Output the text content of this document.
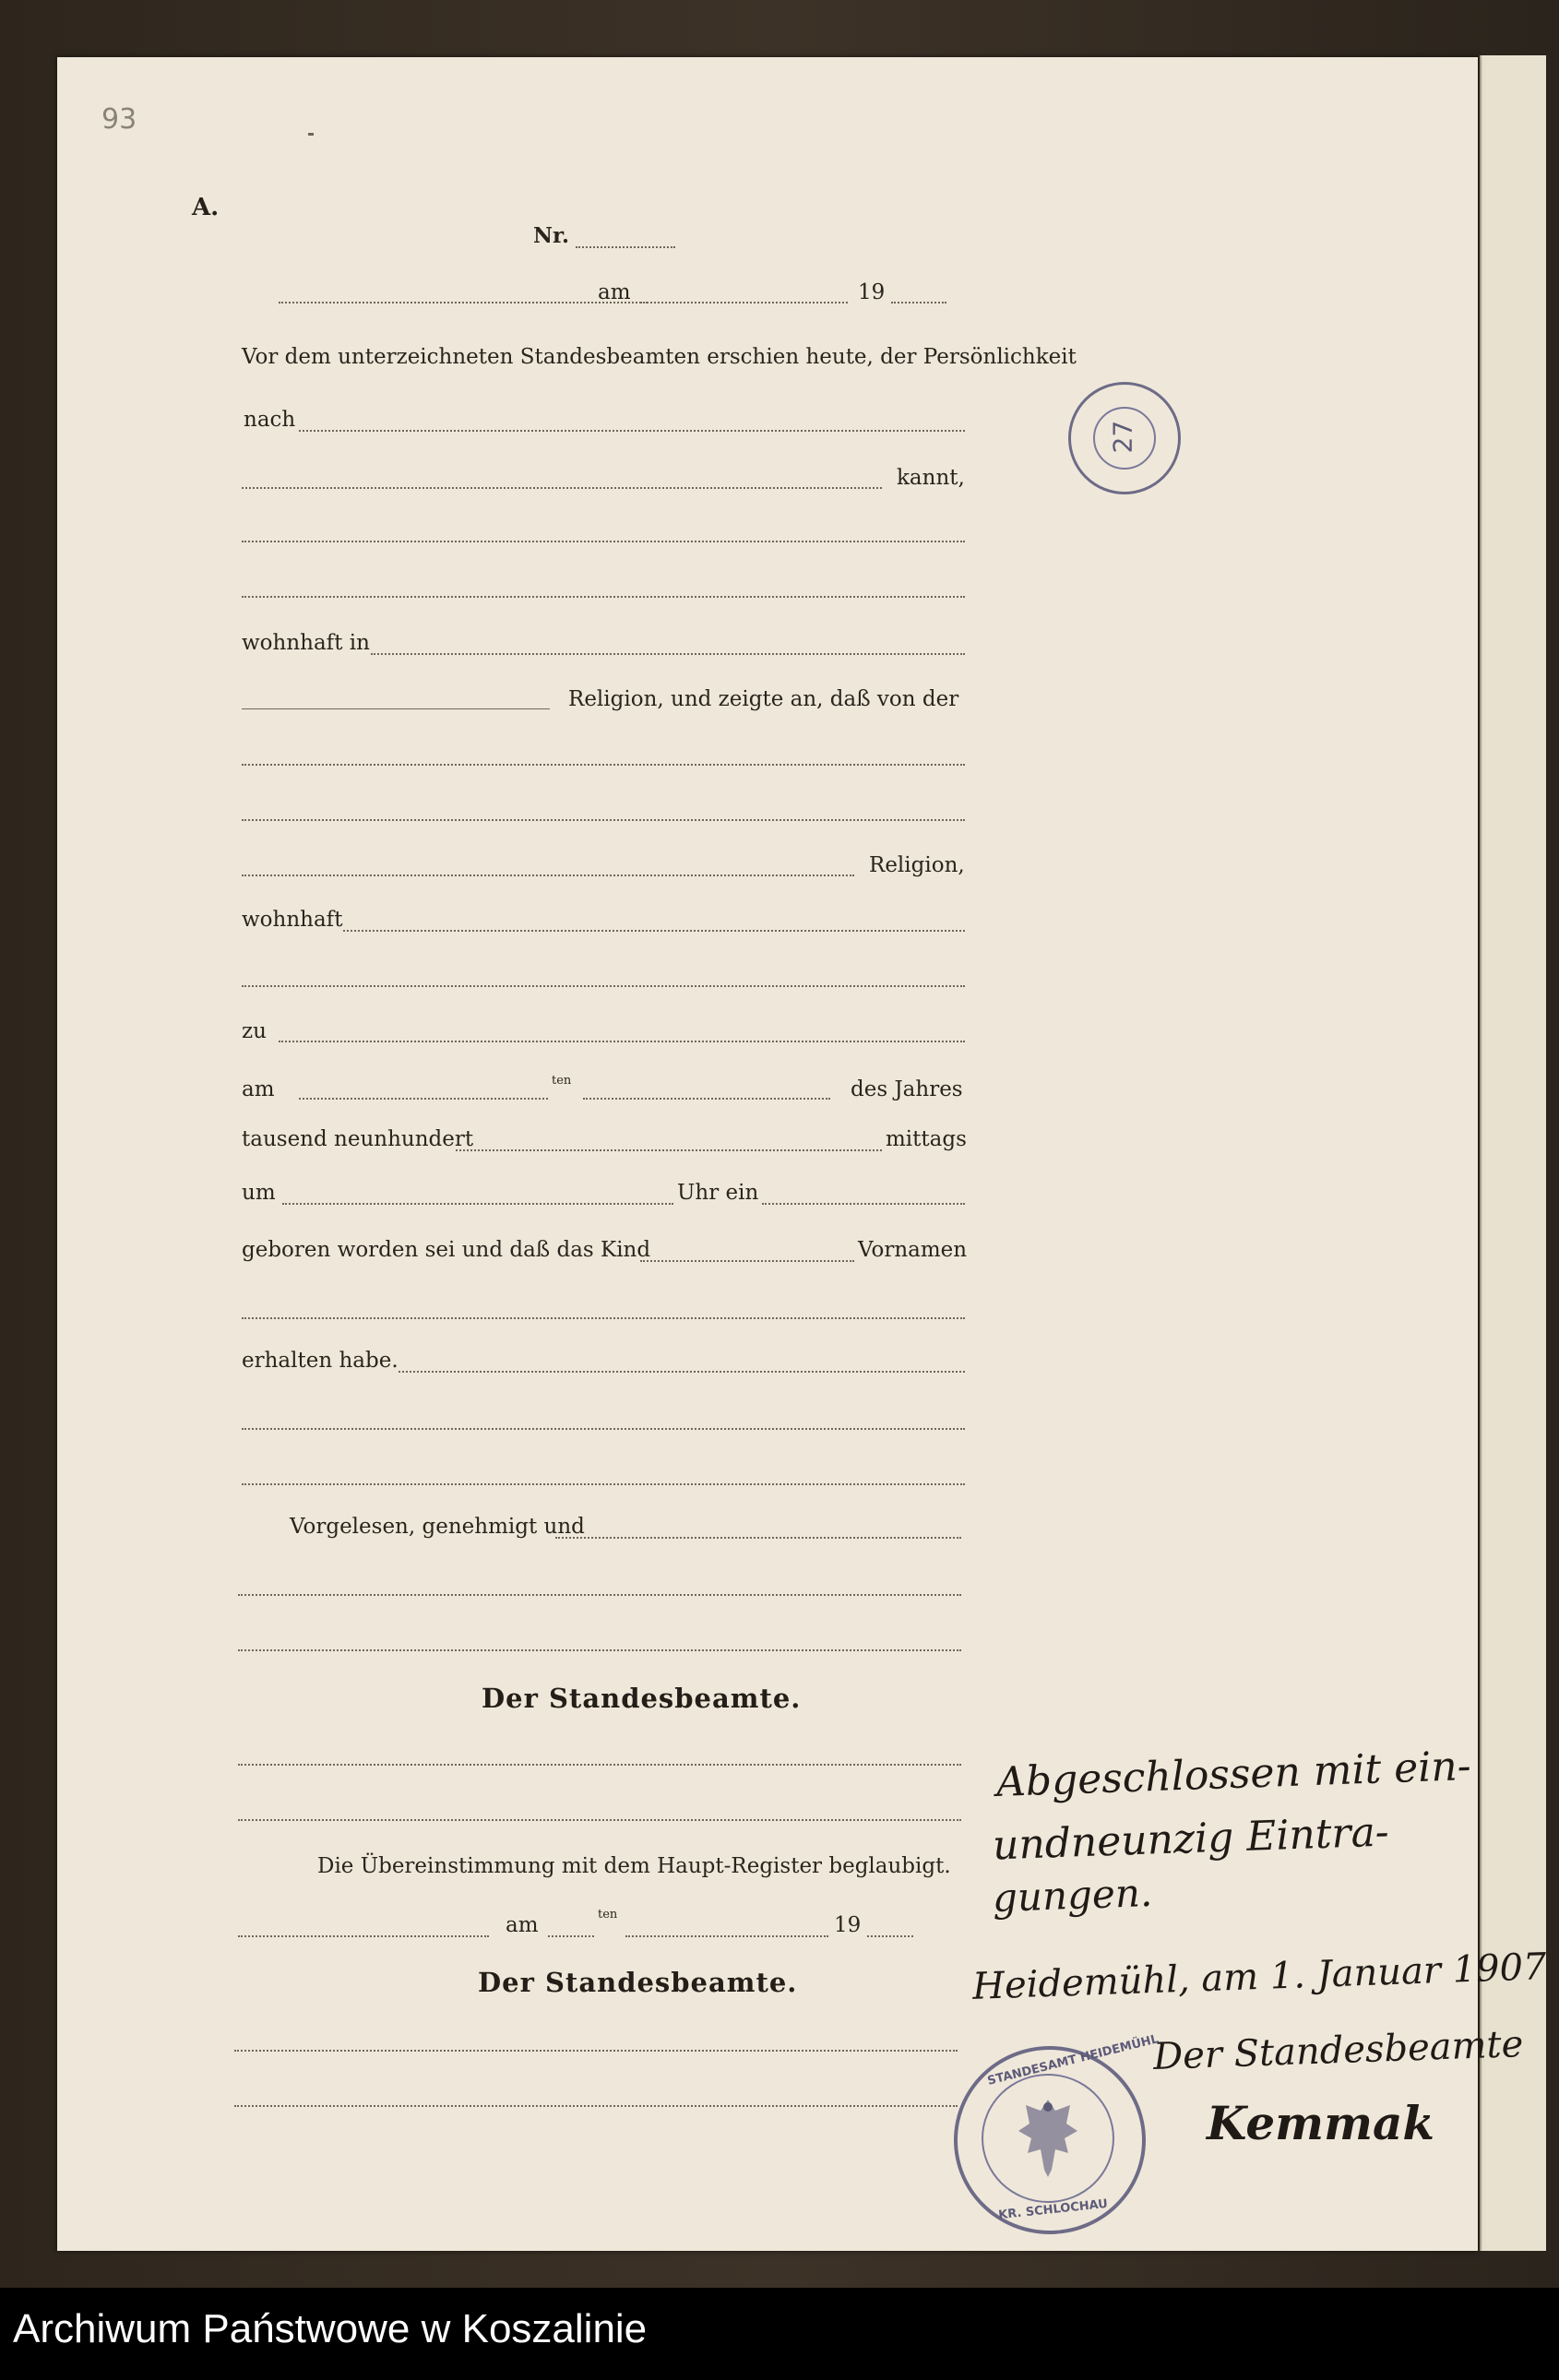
93
A.
Nr.
am	19
Vor dem unterzeichneten Standesbeamten erschien heute, der Persönlichkeit
nach
kannt,
wohnhaft in
Religion, und zeigte an, daß von der
Religion,
wohnhaft
zu
am	ten	des Jahres
tausend neunhundert	mittags
um	Uhr ein
geboren worden sei und daß das Kind	Vornamen
erhalten habe.
Vorgelesen, genehmigt und
Der Standesbeamte.
Die Übereinstimmung mit dem Haupt-Register beglaubigt.
am	ten	19
Der Standesbeamte.
27
Abgeschlossen mit ein-
undneunzig Eintra-
gungen.
Heidemühl, am 1. Januar 1907
Der Standesbeamte
Kemmak
STANDESAMT HEIDEMÜHL
KR. SCHLOCHAU
Archiwum Państwowe w Koszalinie
